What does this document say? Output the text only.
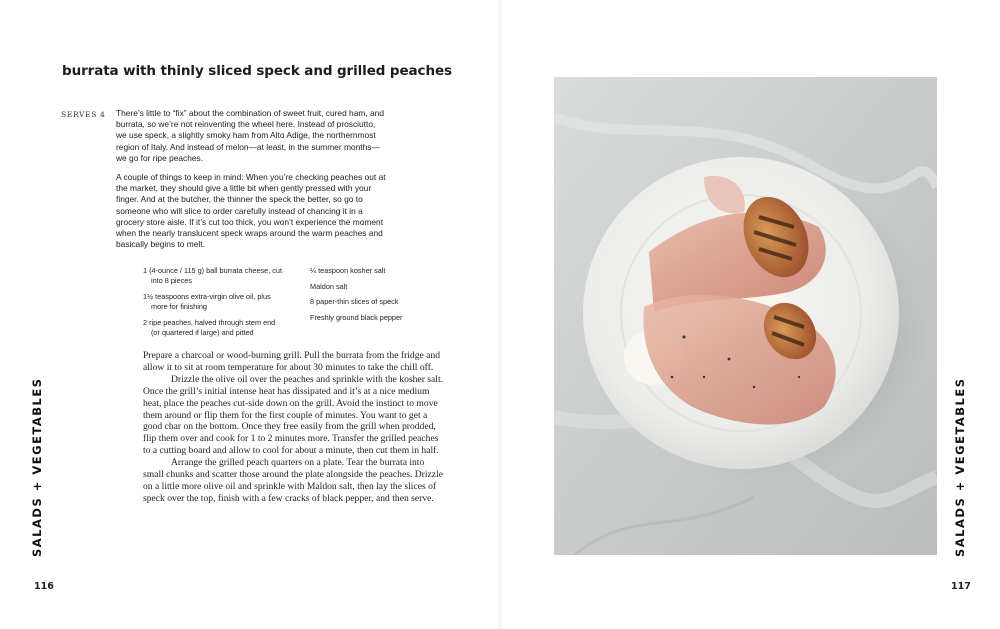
burrata with thinly sliced speck and grilled peaches
SERVES 4 There’s little to “fix” about the combination of sweet fruit, cured ham, and burrata, so we’re not reinventing the wheel here. Instead of prosciutto, we use speck, a slightly smoky ham from Alto Adige, the northernmost region of Italy. And instead of melon—at least, in the summer months—we go for ripe peaches.

A couple of things to keep in mind: When you’re checking peaches out at the market, they should give a little bit when gently pressed with your finger. And at the butcher, the thinner the speck the better, so go to someone who will slice to order carefully instead of chancing it in a grocery store aisle. If it’s cut too thick, you won’t experience the moment when the nearly translucent speck wraps around the warm peaches and basically begins to melt.

1 (4-ounce / 115 g) ball burrata cheese, cut into 8 pieces
1½ teaspoons extra-virgin olive oil, plus more for finishing
2 ripe peaches, halved through stem end (or quartered if large) and pitted
¼ teaspoon kosher salt
Maldon salt
8 paper-thin slices of speck
Freshly ground black pepper

Prepare a charcoal or wood-burning grill. Pull the burrata from the fridge and allow it to sit at room temperature for about 30 minutes to take the chill off.

Drizzle the olive oil over the peaches and sprinkle with the kosher salt. Once the grill’s initial intense heat has dissipated and it’s at a nice medium heat, place the peaches cut-side down on the grill. Avoid the instinct to move them around or flip them for the first couple of minutes. You want to get a good char on the bottom. Once they free easily from the grill when prodded, flip them over and cook for 1 to 2 minutes more. Transfer the grilled peaches to a cutting board and allow to cool for about a minute, then cut them in half.

Arrange the grilled peach quarters on a plate. Tear the burrata into small chunks and scatter those around the plate alongside the peaches. Drizzle on a little more olive oil and sprinkle with Maldon salt, then lay the slices of speck over the top, finish with a few cracks of black pepper, and then serve.

SALADS + VEGETABLES
116
SALADS + VEGETABLES
117
